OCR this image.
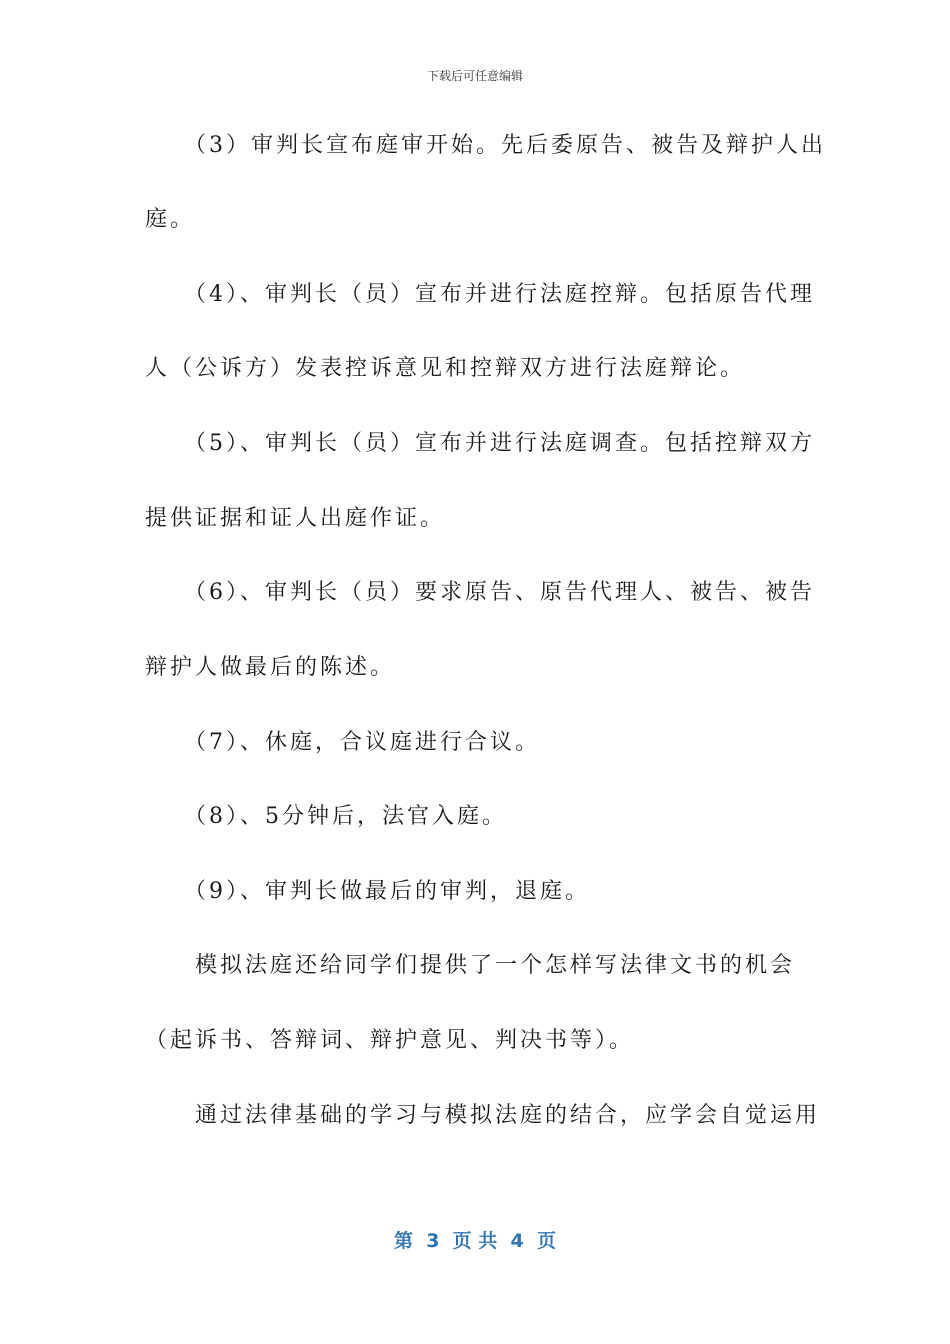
下载后可任意编辑
　　（3）审判长宣布庭审开始。先后委原告、被告及辩护人出
庭。
　　（4）、审判长（员）宣布并进行法庭控辩。包括原告代理
人（公诉方）发表控诉意见和控辩双方进行法庭辩论。
　　（5）、审判长（员）宣布并进行法庭调查。包括控辩双方
提供证据和证人出庭作证。
　　（6）、审判长（员）要求原告、原告代理人、被告、被告
辩护人做最后的陈述。
　　（7）、休庭，合议庭进行合议。
　　（8）、5分钟后，法官入庭。
　　（9）、审判长做最后的审判，退庭。
　　模拟法庭还给同学们提供了一个怎样写法律文书的机会
（起诉书、答辩词、辩护意见、判决书等）。
　　通过法律基础的学习与模拟法庭的结合，应学会自觉运用
第  3  页 共  4  页
